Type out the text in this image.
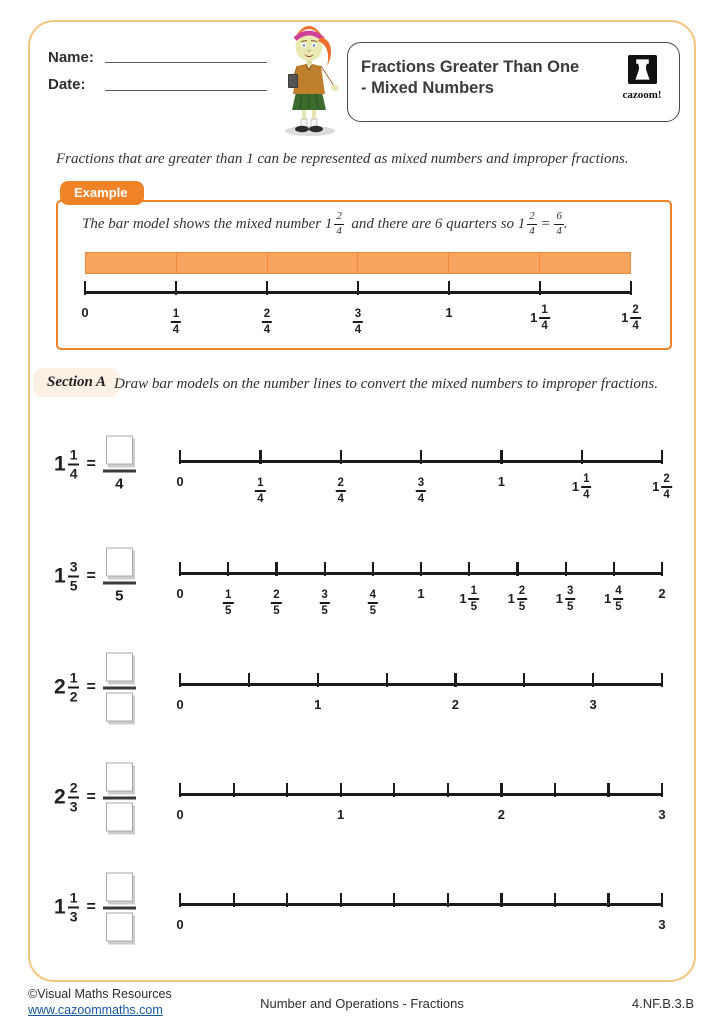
Name:
Date:
Fractions Greater Than One
- Mixed Numbers	cazoom!
Fractions that are greater than 1 can be represented as mixed numbers and improper fractions.
Example
The bar model shows the mixed number $1 \frac{2}{4}$ and there are 6 quarters so $1 \frac{2}{4} = \frac{6}{4}$ .
0	$\frac{1}{4}$	$\frac{2}{4}$	$\frac{3}{4}$	1	$1 \frac{1}{4}$	$1 \frac{2}{4}$
Section A Draw bar models on the number lines to convert the mixed numbers to improper fractions.
$1 \frac{1}{4}$ =
4	0	$\frac{1}{4}$	$\frac{2}{4}$	$\frac{3}{4}$	1	$1 \frac{1}{4}$	$1 \frac{2}{4}$
$1 \frac{3}{5}$ =
5	0	$\frac{1}{5}$	$\frac{2}{5}$	$\frac{3}{5}$	$\frac{4}{5}$	1	$1 \frac{1}{5} 1 \frac{2}{5} 1 \frac{3}{5} 1 \frac{4}{5}$	2
$2 \frac{1}{2}$ =
0	1	2	3
$2 \frac{2}{3}$ =
0	1	2	3
$1 \frac{1}{3}$ =
0	3
©Visual Maths Resources
www.cazoommaths.com	Number and Operations - Fractions	4.NF.B.3.B
